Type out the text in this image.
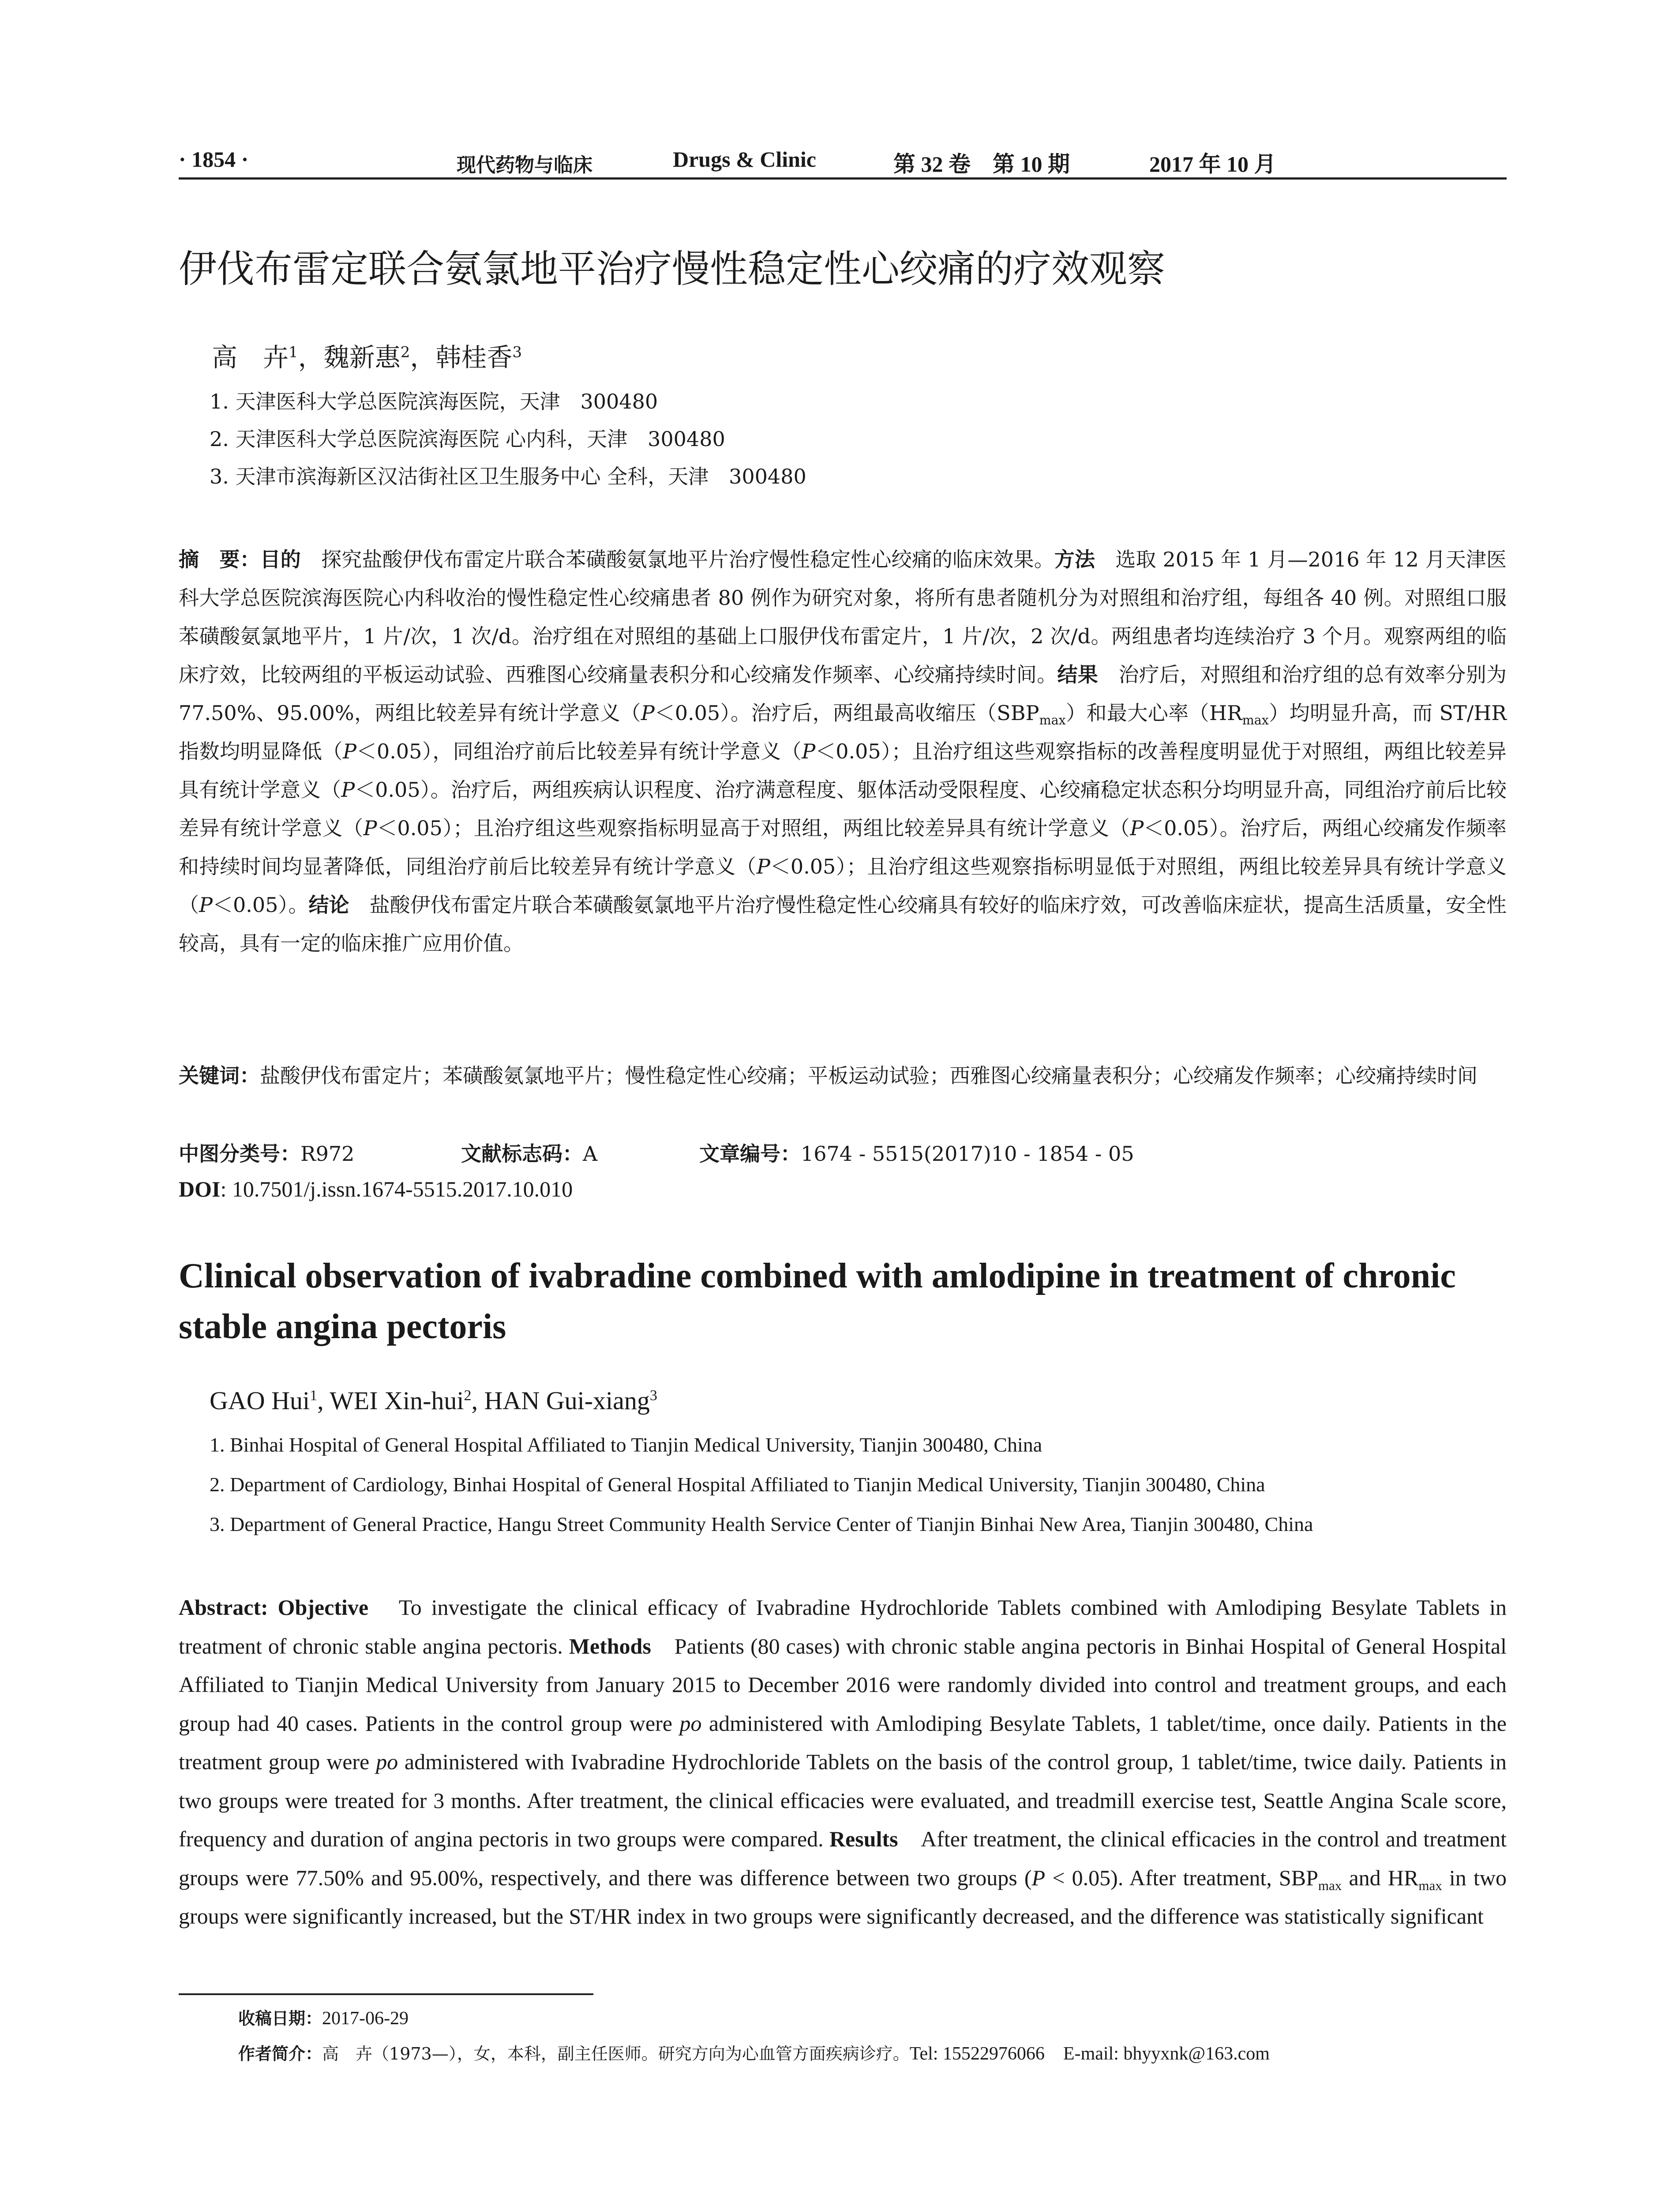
· 1854 ·	现代药物与临床	Drugs & Clinic	第 32 卷　第 10 期	2017 年 10 月
伊伐布雷定联合氨氯地平治疗慢性稳定性心绞痛的疗效观察
高　卉$^1$，魏新惠$^2$，韩桂香$^3$
1. 天津医科大学总医院滨海医院，天津　300480
2. 天津医科大学总医院滨海医院 心内科，天津　300480
3. 天津市滨海新区汉沽街社区卫生服务中心 全科，天津　300480
摘　要：目的　探究盐酸伊伐布雷定片联合苯磺酸氨氯地平片治疗慢性稳定性心绞痛的临床效果。方法　选取 2015 年 1 月—2016 年 12 月天津医科大学总医院滨海医院心内科收治的慢性稳定性心绞痛患者 80 例作为研究对象，将所有患者随机分为对照组和治疗组，每组各 40 例。对照组口服苯磺酸氨氯地平片，1 片/次，1 次/d。治疗组在对照组的基础上口服伊伐布雷定片，1 片/次，2 次/d。两组患者均连续治疗 3 个月。观察两组的临床疗效，比较两组的平板运动试验、西雅图心绞痛量表积分和心绞痛发作频率、心绞痛持续时间。结果　治疗后，对照组和治疗组的总有效率分别为 77.50%、95.00%，两组比较差异有统计学意义（P＜0.05）。治疗后，两组最高收缩压$(SBP_{max})$和最大心率$(HR_{max})$均明显升高，而 ST/HR 指数均明显降低（P＜0.05），同组治疗前后比较差异有统计学意义（P＜0.05）；且治疗组这些观察指标的改善程度明显优于对照组，两组比较差异具有统计学意义（P＜0.05）。治疗后，两组疾病认识程度、治疗满意程度、躯体活动受限程度、心绞痛稳定状态积分均明显升高，同组治疗前后比较差异有统计学意义（P＜0.05）；且治疗组这些观察指标明显高于对照组，两组比较差异具有统计学意义（P＜0.05）。治疗后，两组心绞痛发作频率和持续时间均显著降低，同组治疗前后比较差异有统计学意义（P＜0.05）；且治疗组这些观察指标明显低于对照组，两组比较差异具有统计学意义（P＜0.05）。结论　盐酸伊伐布雷定片联合苯磺酸氨氯地平片治疗慢性稳定性心绞痛具有较好的临床疗效，可改善临床症状，提高生活质量，安全性较高，具有一定的临床推广应用价值。
关键词：盐酸伊伐布雷定片；苯磺酸氨氯地平片；慢性稳定性心绞痛；平板运动试验；西雅图心绞痛量表积分；心绞痛发作频率；心绞痛持续时间
中图分类号：R972	文献标志码：A	文章编号：1674 - 5515(2017)10 - 1854 - 05
DOI: 10.7501/j.issn.1674-5515.2017.10.010
Clinical observation of ivabradine combined with amlodipine in treatment of chronic stable angina pectoris
GAO Hui$^1$, WEI Xin-hui$^2$, HAN Gui-xiang$^3$
1. Binhai Hospital of General Hospital Affiliated to Tianjin Medical University, Tianjin 300480, China
2. Department of Cardiology, Binhai Hospital of General Hospital Affiliated to Tianjin Medical University, Tianjin 300480, China
3. Department of General Practice, Hangu Street Community Health Service Center of Tianjin Binhai New Area, Tianjin 300480, China
Abstract: Objective　To investigate the clinical efficacy of Ivabradine Hydrochloride Tablets combined with Amlodiping Besylate Tablets in treatment of chronic stable angina pectoris. Methods　Patients (80 cases) with chronic stable angina pectoris in Binhai Hospital of General Hospital Affiliated to Tianjin Medical University from January 2015 to December 2016 were randomly divided into control and treatment groups, and each group had 40 cases. Patients in the control group were po administered with Amlodiping Besylate Tablets, 1 tablet/time, once daily. Patients in the treatment group were po administered with Ivabradine Hydrochloride Tablets on the basis of the control group, 1 tablet/time, twice daily. Patients in two groups were treated for 3 months. After treatment, the clinical efficacies were evaluated, and treadmill exercise test, Seattle Angina Scale score, frequency and duration of angina pectoris in two groups were compared. Results　After treatment, the clinical efficacies in the control and treatment groups were 77.50% and 95.00%, respectively, and there was difference between two groups (P < 0.05). After treatment, $SBP_{max}$ and $HR_{max}$ in two groups were significantly increased, but the ST/HR index in two groups were significantly decreased, and the difference was statistically significant
收稿日期：2017-06-29
作者简介：高　卉（1973—），女，本科，副主任医师。研究方向为心血管方面疾病诊疗。Tel: 15522976066　E-mail: bhyyxnk@163.com
